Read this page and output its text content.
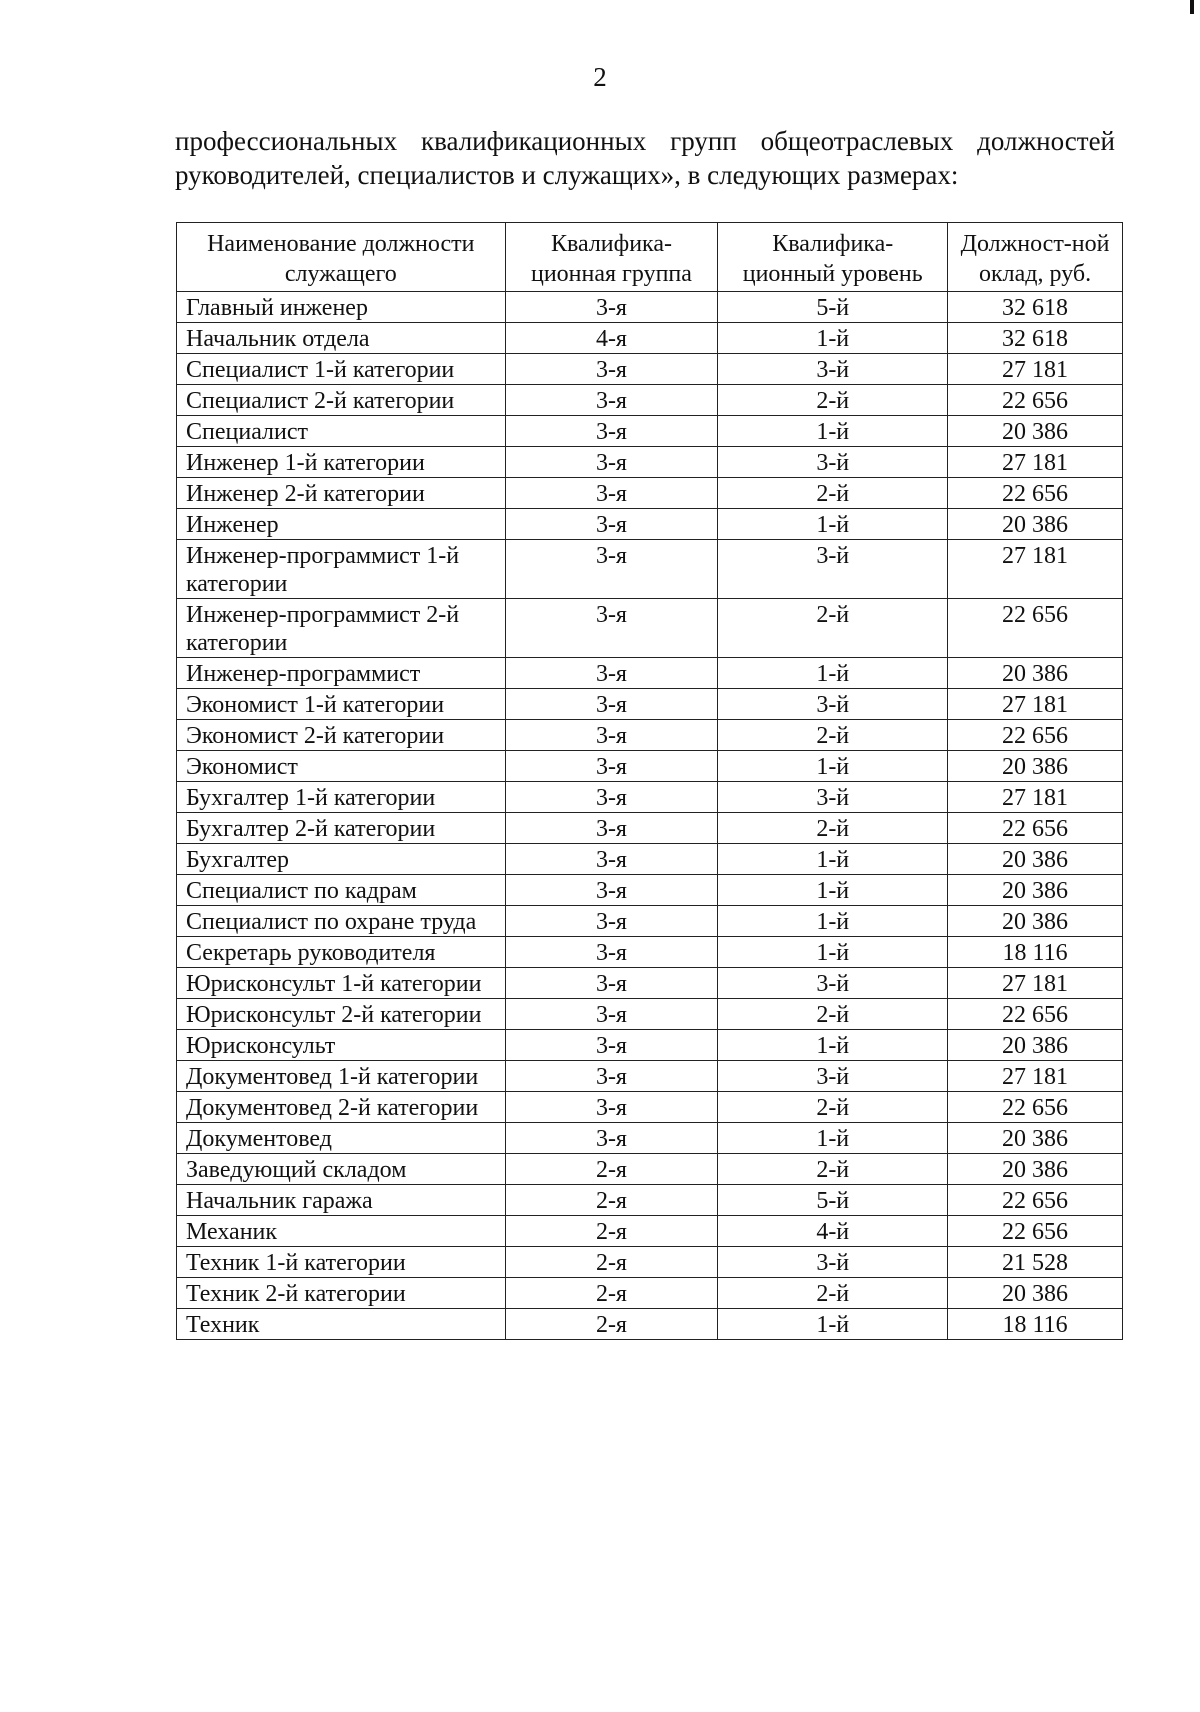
2
профессиональных квалификационных групп общеотраслевых должностей
руководителей, специалистов и служащих», в следующих размерах:
Наименование должности служащего	Квалифика-ционная группа	Квалифика-ционный уровень	Должност-ной оклад, руб.
Главный инженер	3-я	5-й	32 618
Начальник отдела	4-я	1-й	32 618
Специалист 1-й категории	3-я	3-й	27 181
Специалист 2-й категории	3-я	2-й	22 656
Специалист	3-я	1-й	20 386
Инженер 1-й категории	3-я	3-й	27 181
Инженер 2-й категории	3-я	2-й	22 656
Инженер	3-я	1-й	20 386
Инженер-программист 1-й категории	3-я	3-й	27 181
Инженер-программист 2-й категории	3-я	2-й	22 656
Инженер-программист	3-я	1-й	20 386
Экономист 1-й категории	3-я	3-й	27 181
Экономист 2-й категории	3-я	2-й	22 656
Экономист	3-я	1-й	20 386
Бухгалтер 1-й категории	3-я	3-й	27 181
Бухгалтер 2-й категории	3-я	2-й	22 656
Бухгалтер	3-я	1-й	20 386
Специалист по кадрам	3-я	1-й	20 386
Специалист по охране труда	3-я	1-й	20 386
Секретарь руководителя	3-я	1-й	18 116
Юрисконсульт 1-й категории	3-я	3-й	27 181
Юрисконсульт 2-й категории	3-я	2-й	22 656
Юрисконсульт	3-я	1-й	20 386
Документовед 1-й категории	3-я	3-й	27 181
Документовед 2-й категории	3-я	2-й	22 656
Документовед	3-я	1-й	20 386
Заведующий складом	2-я	2-й	20 386
Начальник гаража	2-я	5-й	22 656
Механик	2-я	4-й	22 656
Техник 1-й категории	2-я	3-й	21 528
Техник 2-й категории	2-я	2-й	20 386
Техник	2-я	1-й	18 116
